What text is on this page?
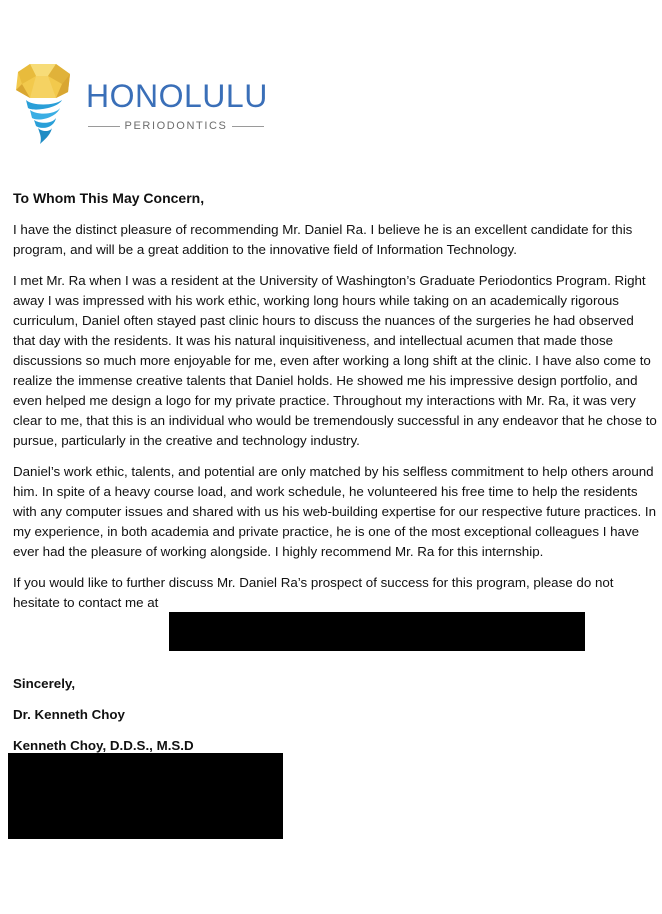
HONOLULU
PERIODONTICS

To Whom This May Concern,

I have the distinct pleasure of recommending Mr. Daniel Ra. I believe he is an excellent candidate for this program, and will be a great addition to the innovative field of Information Technology.

I met Mr. Ra when I was a resident at the University of Washington’s Graduate Periodontics Program. Right away I was impressed with his work ethic, working long hours while taking on an academically rigorous curriculum, Daniel often stayed past clinic hours to discuss the nuances of the surgeries he had observed that day with the residents. It was his natural inquisitiveness, and intellectual acumen that made those discussions so much more enjoyable for me, even after working a long shift at the clinic. I have also come to realize the immense creative talents that Daniel holds. He showed me his impressive design portfolio, and even helped me design a logo for my private practice. Throughout my interactions with Mr. Ra, it was very clear to me, that this is an individual who would be tremendously successful in any endeavor that he chose to pursue, particularly in the creative and technology industry.

Daniel’s work ethic, talents, and potential are only matched by his selfless commitment to help others around him. In spite of a heavy course load, and work schedule, he volunteered his free time to help the residents with any computer issues and shared with us his web-building expertise for our respective future practices. In my experience, in both academia and private practice, he is one of the most exceptional colleagues I have ever had the pleasure of working alongside. I highly recommend Mr. Ra for this internship.

If you would like to further discuss Mr. Daniel Ra’s prospect of success for this program, please do not hesitate to contact me at

Sincerely,
Dr. Kenneth Choy
Kenneth Choy, D.D.S., M.S.D
